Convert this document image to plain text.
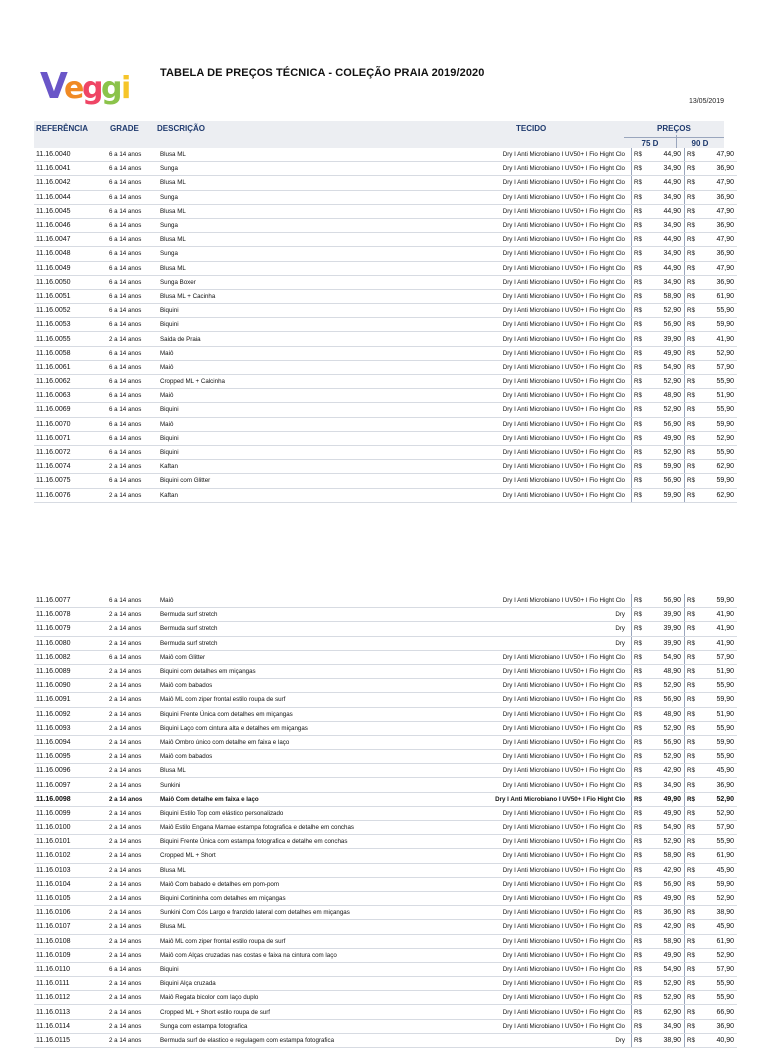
V
e
g
g
i	TABELA DE PREÇOS TÉCNICA - COLEÇÃO PRAIA 2019/2020
13/05/2019
REFERÊNCIA	GRADE DESCRIÇÃO	TECIDO	PREÇOS
75 D	90 D
11.16.0040	6 a 14 anos	Blusa ML	Dry I Anti Microbiano I UV50+ I Fio Hight Clo	R$	44,90	R$	47,90
11.16.0041	6 a 14 anos	Sunga	Dry I Anti Microbiano I UV50+ I Fio Hight Clo	R$	34,90	R$	36,90
11.16.0042	6 a 14 anos	Blusa ML	Dry I Anti Microbiano I UV50+ I Fio Hight Clo	R$	44,90	R$	47,90
11.16.0044	6 a 14 anos	Sunga	Dry I Anti Microbiano I UV50+ I Fio Hight Clo	R$	34,90	R$	36,90
11.16.0045	6 a 14 anos	Blusa ML	Dry I Anti Microbiano I UV50+ I Fio Hight Clo	R$	44,90	R$	47,90
11.16.0046	6 a 14 anos	Sunga	Dry I Anti Microbiano I UV50+ I Fio Hight Clo	R$	34,90	R$	36,90
11.16.0047	6 a 14 anos	Blusa ML	Dry I Anti Microbiano I UV50+ I Fio Hight Clo	R$	44,90	R$	47,90
11.16.0048	6 a 14 anos	Sunga	Dry I Anti Microbiano I UV50+ I Fio Hight Clo	R$	34,90	R$	36,90
11.16.0049	6 a 14 anos	Blusa ML	Dry I Anti Microbiano I UV50+ I Fio Hight Clo	R$	44,90	R$	47,90
11.16.0050	6 a 14 anos	Sunga Boxer	Dry I Anti Microbiano I UV50+ I Fio Hight Clo	R$	34,90	R$	36,90
11.16.0051	6 a 14 anos	Blusa ML + Cacinha	Dry I Anti Microbiano I UV50+ I Fio Hight Clo	R$	58,90	R$	61,90
11.16.0052	6 a 14 anos	Biquini	Dry I Anti Microbiano I UV50+ I Fio Hight Clo	R$	52,90	R$	55,90
11.16.0053	6 a 14 anos	Biquini	Dry I Anti Microbiano I UV50+ I Fio Hight Clo	R$	56,90	R$	59,90
11.16.0055	2 a 14 anos	Saida de Praia	Dry I Anti Microbiano I UV50+ I Fio Hight Clo	R$	39,90	R$	41,90
11.16.0058	6 a 14 anos	Maiô	Dry I Anti Microbiano I UV50+ I Fio Hight Clo	R$	49,90	R$	52,90
11.16.0061	6 a 14 anos	Maiô	Dry I Anti Microbiano I UV50+ I Fio Hight Clo	R$	54,90	R$	57,90
11.16.0062	6 a 14 anos	Cropped ML + Calcinha	Dry I Anti Microbiano I UV50+ I Fio Hight Clo	R$	52,90	R$	55,90
11.16.0063	6 a 14 anos	Maiô	Dry I Anti Microbiano I UV50+ I Fio Hight Clo	R$	48,90	R$	51,90
11.16.0069	6 a 14 anos	Biquini	Dry I Anti Microbiano I UV50+ I Fio Hight Clo	R$	52,90	R$	55,90
11.16.0070	6 a 14 anos	Maiô	Dry I Anti Microbiano I UV50+ I Fio Hight Clo	R$	56,90	R$	59,90
11.16.0071	6 a 14 anos	Biquini	Dry I Anti Microbiano I UV50+ I Fio Hight Clo	R$	49,90	R$	52,90
11.16.0072	6 a 14 anos	Biquini	Dry I Anti Microbiano I UV50+ I Fio Hight Clo	R$	52,90	R$	55,90
11.16.0074	2 a 14 anos	Kaftan	Dry I Anti Microbiano I UV50+ I Fio Hight Clo	R$	59,90	R$	62,90
11.16.0075	6 a 14 anos	Biquini com Glitter	Dry I Anti Microbiano I UV50+ I Fio Hight Clo	R$	56,90	R$	59,90
11.16.0076	2 a 14 anos	Kaftan	Dry I Anti Microbiano I UV50+ I Fio Hight Clo	R$	59,90	R$	62,90
11.16.0077	6 a 14 anos	Maiô	Dry I Anti Microbiano I UV50+ I Fio Hight Clo	R$	56,90	R$	59,90
11.16.0078	2 a 14 anos	Bermuda surf stretch	Dry	R$	39,90	R$	41,90
11.16.0079	2 a 14 anos	Bermuda surf stretch	Dry	R$	39,90	R$	41,90
11.16.0080	2 a 14 anos	Bermuda surf stretch	Dry	R$	39,90	R$	41,90
11.16.0082	6 a 14 anos	Maiô com Glitter	Dry I Anti Microbiano I UV50+ I Fio Hight Clo	R$	54,90	R$	57,90
11.16.0089	2 a 14 anos	Biquini com detalhes em miçangas	Dry I Anti Microbiano I UV50+ I Fio Hight Clo	R$	48,90	R$	51,90
11.16.0090	2 a 14 anos	Maiô com babados	Dry I Anti Microbiano I UV50+ I Fio Hight Clo	R$	52,90	R$	55,90
11.16.0091	2 a 14 anos	Maiô ML com ziper frontal estilo roupa de surf	Dry I Anti Microbiano I UV50+ I Fio Hight Clo	R$	56,90	R$	59,90
11.16.0092	2 a 14 anos	Biquini Frente Única com detalhes em miçangas	Dry I Anti Microbiano I UV50+ I Fio Hight Clo	R$	48,90	R$	51,90
11.16.0093	2 a 14 anos	Biquini Laço com cintura alta e detalhes em miçangas	Dry I Anti Microbiano I UV50+ I Fio Hight Clo	R$	52,90	R$	55,90
11.16.0094	2 a 14 anos	Maiô Ombro único com detalhe em faixa e laço	Dry I Anti Microbiano I UV50+ I Fio Hight Clo	R$	56,90	R$	59,90
11.16.0095	2 a 14 anos	Maiô com babados	Dry I Anti Microbiano I UV50+ I Fio Hight Clo	R$	52,90	R$	55,90
11.16.0096	2 a 14 anos	Blusa ML	Dry I Anti Microbiano I UV50+ I Fio Hight Clo	R$	42,90	R$	45,90
11.16.0097	2 a 14 anos	Sunkini	Dry I Anti Microbiano I UV50+ I Fio Hight Clo	R$	34,90	R$	36,90
11.16.0098	2 a 14 anos	Maiô Com detalhe em faixa e laço	Dry I Anti Microbiano I UV50+ I Fio Hight Clo	R$	49,90	R$	52,90
11.16.0099	2 a 14 anos	Biquini Estilo Top com elástico personalizado	Dry I Anti Microbiano I UV50+ I Fio Hight Clo	R$	49,90	R$	52,90
11.16.0100	2 a 14 anos	Maiô Estilo Engana Mamae estampa fotografica e detalhe em conchas	Dry I Anti Microbiano I UV50+ I Fio Hight Clo	R$	54,90	R$	57,90
11.16.0101	2 a 14 anos	Biquini Frente Única com estampa fotografica e detalhe em conchas	Dry I Anti Microbiano I UV50+ I Fio Hight Clo	R$	52,90	R$	55,90
11.16.0102	2 a 14 anos	Cropped ML + Short	Dry I Anti Microbiano I UV50+ I Fio Hight Clo	R$	58,90	R$	61,90
11.16.0103	2 a 14 anos	Blusa ML	Dry I Anti Microbiano I UV50+ I Fio Hight Clo	R$	42,90	R$	45,90
11.16.0104	2 a 14 anos	Maiô Com babado e detalhes em pom-pom	Dry I Anti Microbiano I UV50+ I Fio Hight Clo	R$	56,90	R$	59,90
11.16.0105	2 a 14 anos	Biquini Cortininha com detalhes em miçangas	Dry I Anti Microbiano I UV50+ I Fio Hight Clo	R$	49,90	R$	52,90
11.16.0106	2 a 14 anos	Sunkini Com Cós Largo e franzido lateral com detalhes em miçangas	Dry I Anti Microbiano I UV50+ I Fio Hight Clo	R$	36,90	R$	38,90
11.16.0107	2 a 14 anos	Blusa ML	Dry I Anti Microbiano I UV50+ I Fio Hight Clo	R$	42,90	R$	45,90
11.16.0108	2 a 14 anos	Maiô ML com ziper frontal estilo roupa de surf	Dry I Anti Microbiano I UV50+ I Fio Hight Clo	R$	58,90	R$	61,90
11.16.0109	2 a 14 anos	Maiô com Alças cruzadas nas costas e faixa na cintura com laço	Dry I Anti Microbiano I UV50+ I Fio Hight Clo	R$	49,90	R$	52,90
11.16.0110	6 a 14 anos	Biquini	Dry I Anti Microbiano I UV50+ I Fio Hight Clo	R$	54,90	R$	57,90
11.16.0111	2 a 14 anos	Biquini Alça cruzada	Dry I Anti Microbiano I UV50+ I Fio Hight Clo	R$	52,90	R$	55,90
11.16.0112	2 a 14 anos	Maiô Regata bicolor com laço duplo	Dry I Anti Microbiano I UV50+ I Fio Hight Clo	R$	52,90	R$	55,90
11.16.0113	2 a 14 anos	Cropped ML + Short estilo roupa de surf	Dry I Anti Microbiano I UV50+ I Fio Hight Clo	R$	62,90	R$	66,90
11.16.0114	2 a 14 anos	Sunga com estampa fotografica	Dry I Anti Microbiano I UV50+ I Fio Hight Clo	R$	34,90	R$	36,90
11.16.0115	2 a 14 anos	Bermuda surf de elastico e regulagem com estampa fotografica	Dry	R$	38,90	R$	40,90
